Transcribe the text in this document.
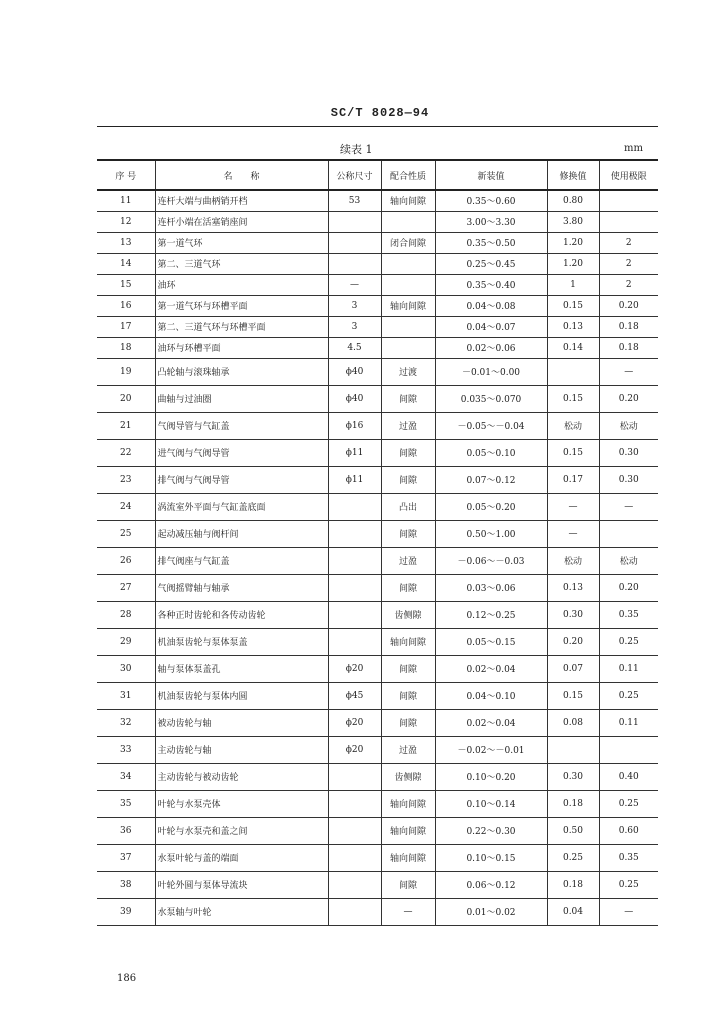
SC/T 8028—94
续表 1	mm
序 号	名　　称	公称尺寸	配合性质	新装值	修换值	使用极限
11	连杆大端与曲柄销开档	53	轴向间隙	0.35～0.60	0.80	
12	连杆小端在活塞销座间			3.00～3.30	3.80	
13	第一道气环		闭合间隙	0.35～0.50	1.20	2
14	第二、三道气环			0.25～0.45	1.20	2
15	油环	—		0.35～0.40	1	2
16	第一道气环与环槽平面	3	轴向间隙	0.04～0.08	0.15	0.20
17	第二、三道气环与环槽平面	3		0.04～0.07	0.13	0.18
18	油环与环槽平面	4.5		0.02～0.06	0.14	0.18
19	凸轮轴与滚珠轴承	ϕ40	过渡	－0.01～0.00		—
20	曲轴与过油圈	ϕ40	间隙	0.035～0.070	0.15	0.20
21	气阀导管与气缸盖	ϕ16	过盈	－0.05～－0.04	松动	松动
22	进气阀与气阀导管	ϕ11	间隙	0.05～0.10	0.15	0.30
23	排气阀与气阀导管	ϕ11	间隙	0.07～0.12	0.17	0.30
24	涡流室外平面与气缸盖底面		凸出	0.05～0.20	—	—
25	起动减压轴与阀杆间		间隙	0.50～1.00	—	
26	排气阀座与气缸盖		过盈	－0.06～－0.03	松动	松动
27	气阀摇臂轴与轴承		间隙	0.03～0.06	0.13	0.20
28	各种正时齿轮和各传动齿轮		齿侧隙	0.12～0.25	0.30	0.35
29	机油泵齿轮与泵体泵盖		轴向间隙	0.05～0.15	0.20	0.25
30	轴与泵体泵盖孔	ϕ20	间隙	0.02～0.04	0.07	0.11
31	机油泵齿轮与泵体内圆	ϕ45	间隙	0.04～0.10	0.15	0.25
32	被动齿轮与轴	ϕ20	间隙	0.02～0.04	0.08	0.11
33	主动齿轮与轴	ϕ20	过盈	－0.02～－0.01		
34	主动齿轮与被动齿轮		齿侧隙	0.10～0.20	0.30	0.40
35	叶轮与水泵壳体		轴向间隙	0.10～0.14	0.18	0.25
36	叶轮与水泵壳和盖之间		轴向间隙	0.22～0.30	0.50	0.60
37	水泵叶轮与盖的端面		轴向间隙	0.10～0.15	0.25	0.35
38	叶轮外圆与泵体导流块		间隙	0.06～0.12	0.18	0.25
39	水泵轴与叶轮		—	0.01～0.02	0.04	—
186
